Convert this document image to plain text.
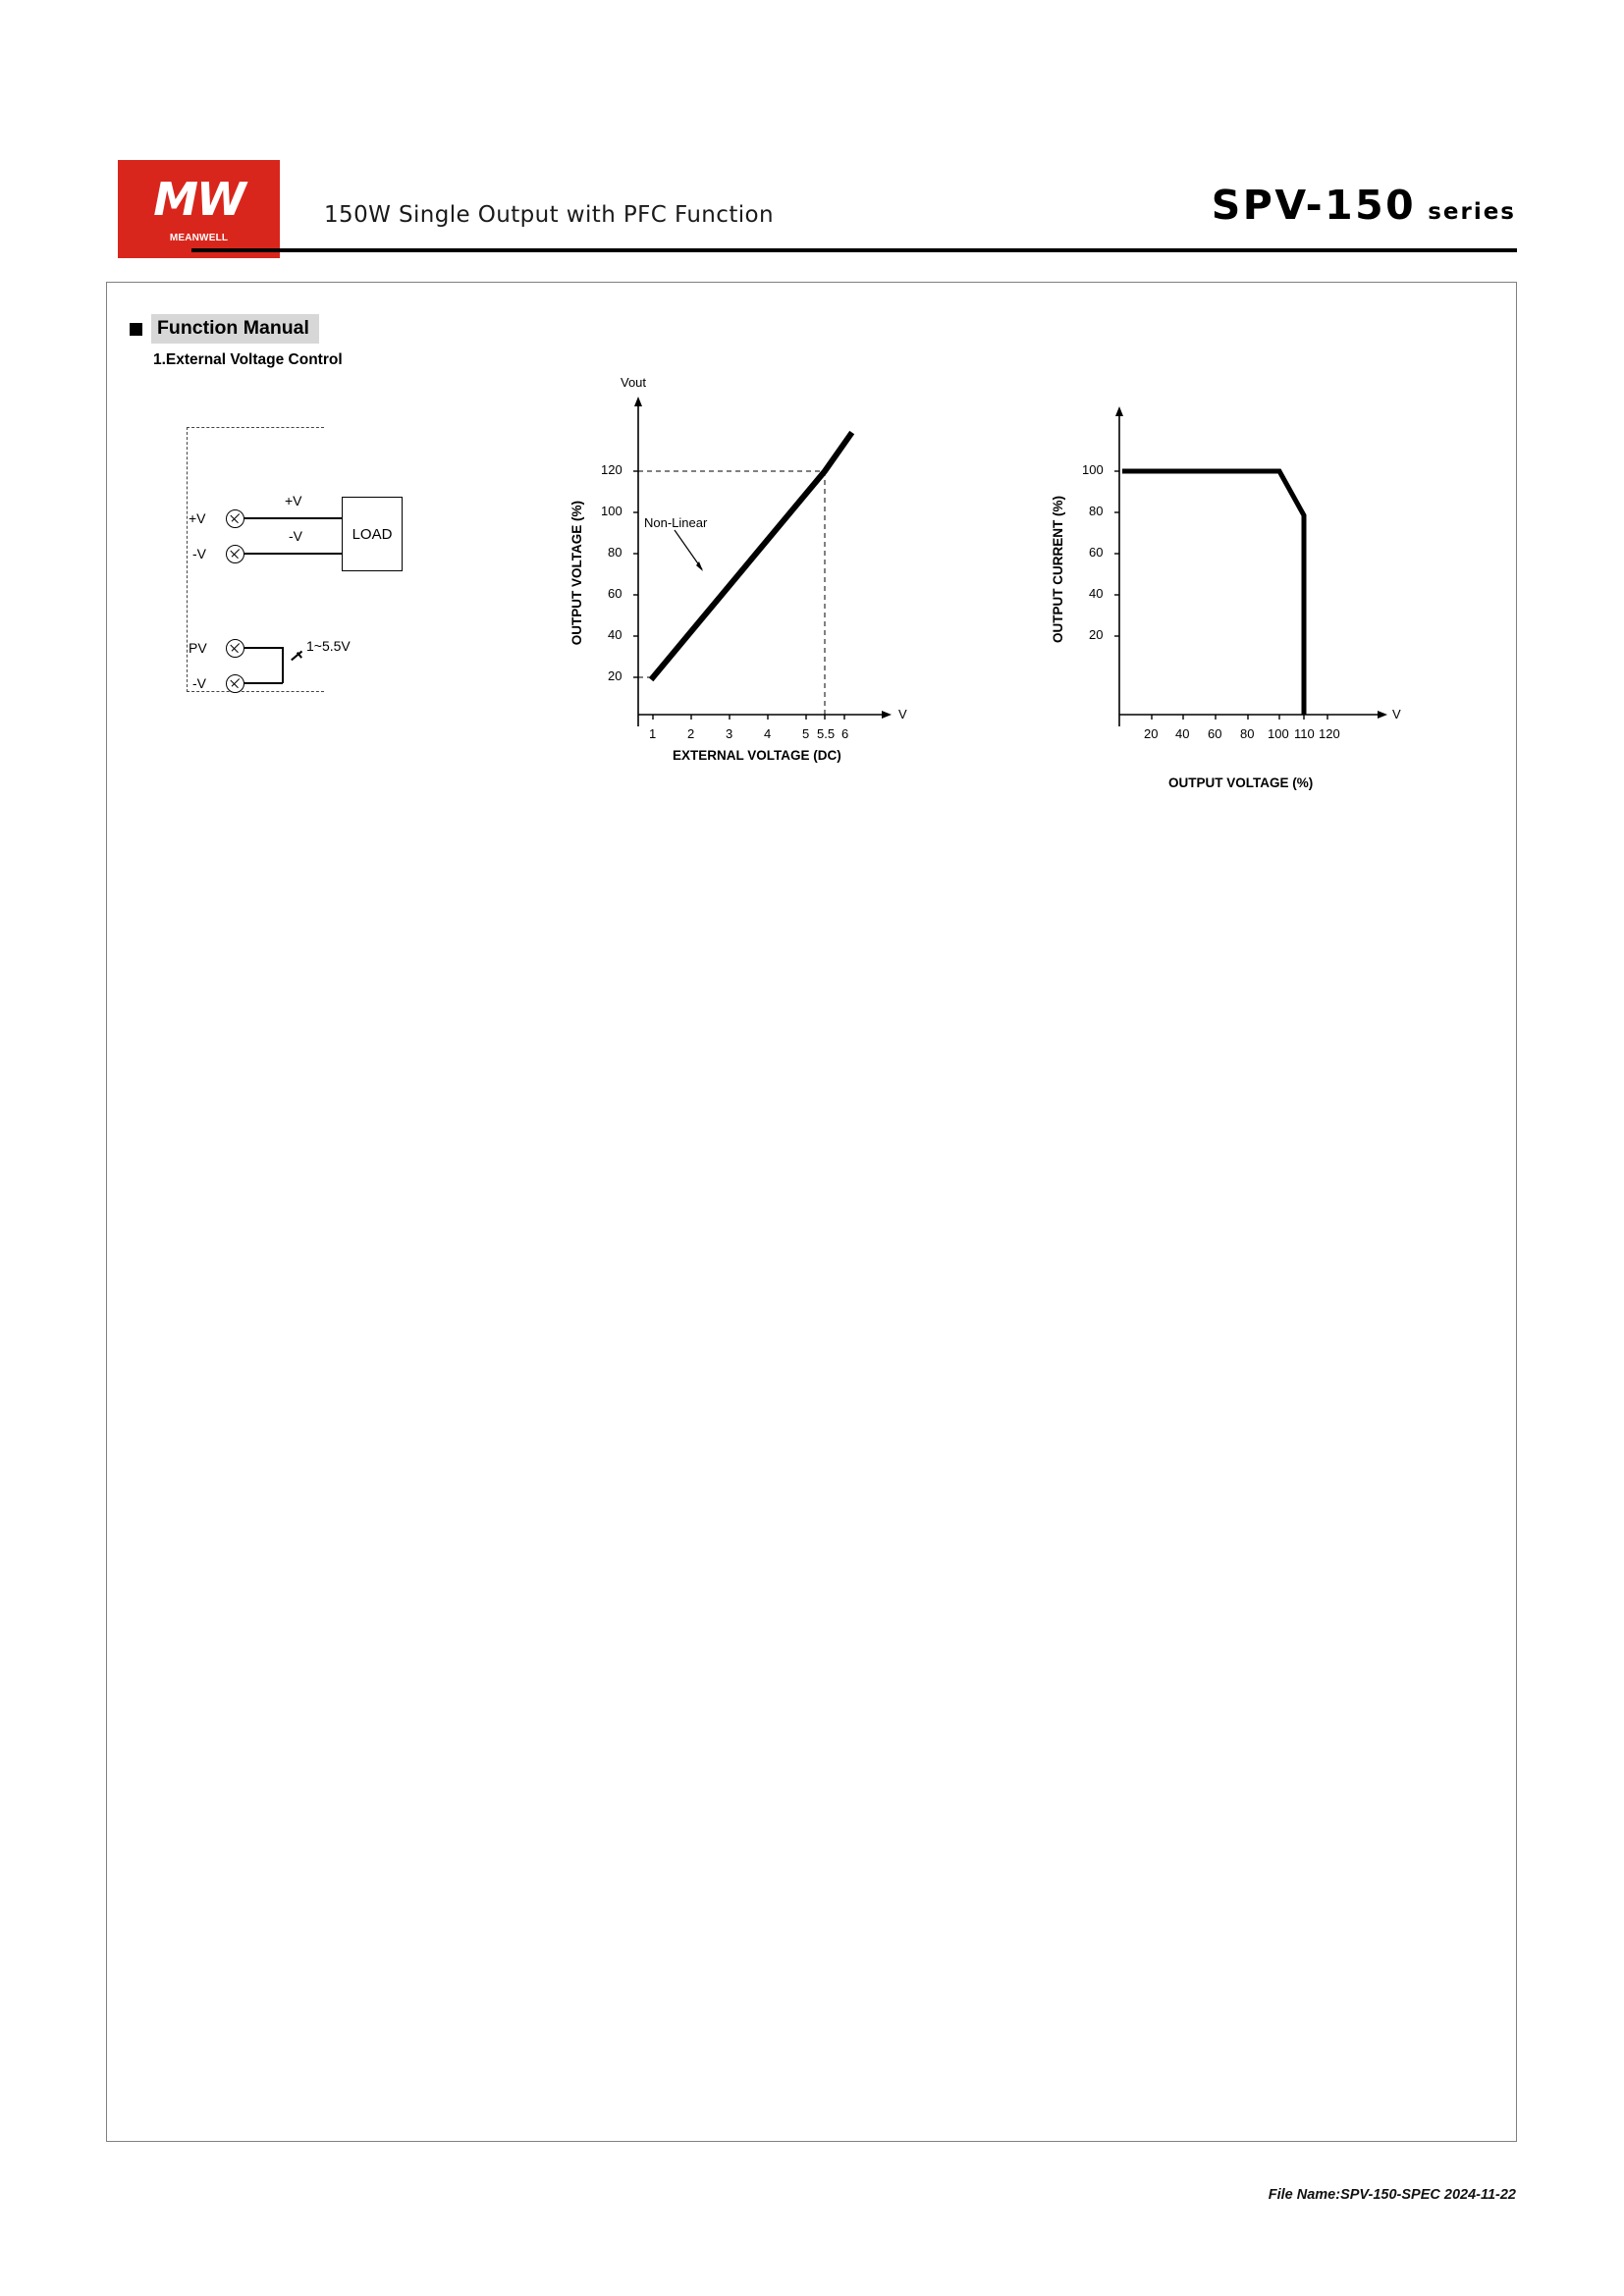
MW
MEANWELL
150W Single Output with PFC Function	SPV-150 series
Function Manual
1.External Voltage Control
+V
+V
-V
-V	LOAD
PV
-V
1~5.5V
Vout
V
OUTPUT VOLTAGE (%)
EXTERNAL VOLTAGE (DC)
20
40
60
80
100
120
1 2 3 4 5 5.5 6
Non-Linear
V
OUTPUT CURRENT (%)
OUTPUT VOLTAGE (%)
20
40
60
80
100
20 40 60 80 100 110 120
File Name:SPV-150-SPEC 2024-11-22
